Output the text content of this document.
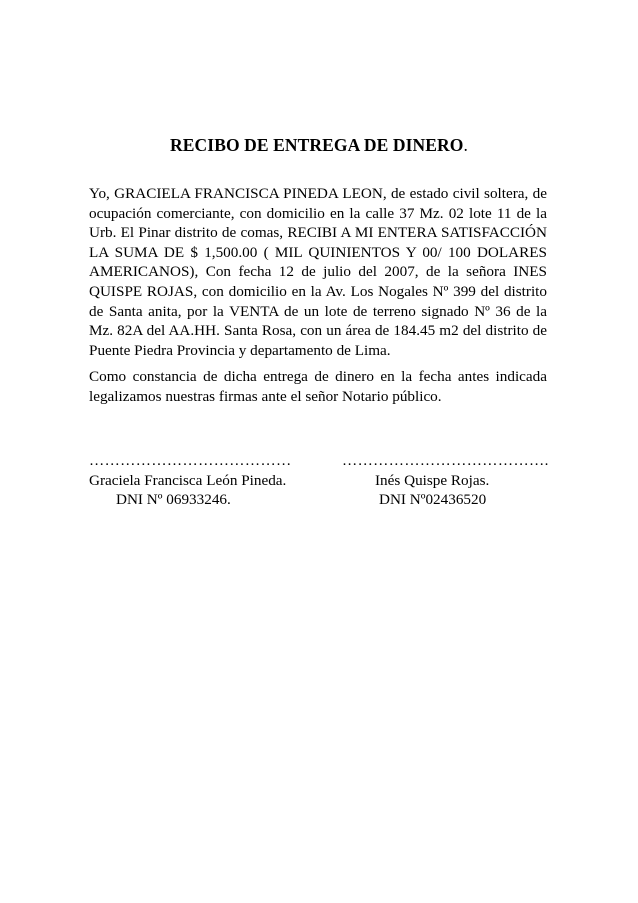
RECIBO DE ENTREGA DE DINERO.

Yo, GRACIELA FRANCISCA PINEDA LEON, de estado civil soltera, de ocupación comerciante, con domicilio en la calle 37 Mz. 02 lote 11 de la Urb. El Pinar distrito de comas, RECIBI A MI ENTERA SATISFACCIÓN LA SUMA DE $ 1,500.00 ( MIL QUINIENTOS Y 00/ 100 DOLARES AMERICANOS), Con fecha 12 de julio del 2007, de la señora INES QUISPE ROJAS, con domicilio en la Av. Los Nogales Nº 399 del distrito de Santa anita, por la VENTA de un lote de terreno signado Nº 36 de la Mz. 82A del AA.HH. Santa Rosa, con un área de 184.45 m2 del distrito de Puente Piedra Provincia y departamento de Lima.

Como constancia de dicha entrega de dinero en la fecha antes indicada legalizamos nuestras firmas ante el señor Notario público.

…………………………………
Graciela Francisca León Pineda.
DNI Nº 06933246.
………………………………….
Inés Quispe Rojas.
DNI Nº02436520
